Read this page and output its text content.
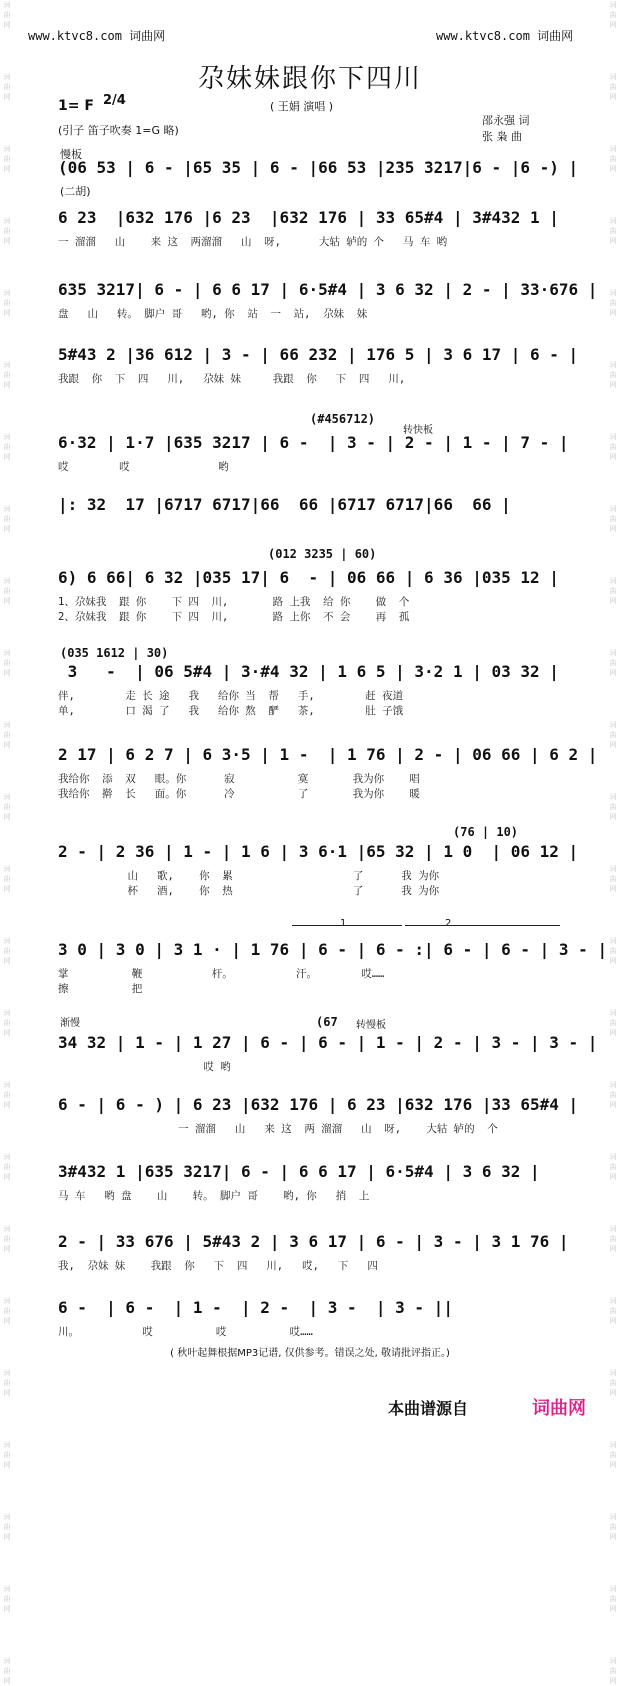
词曲网
词曲网
词曲网
词曲网
词曲网
词曲网
词曲网
词曲网
词曲网
词曲网
词曲网
词曲网
词曲网
词曲网
词曲网
词曲网
词曲网
词曲网
词曲网
词曲网
词曲网
词曲网
词曲网
词曲网
词曲网
词曲网
词曲网
词曲网
词曲网
词曲网
词曲网
词曲网
词曲网
词曲网
词曲网
词曲网
词曲网
词曲网
词曲网
词曲网
词曲网
词曲网
词曲网
词曲网
词曲网
词曲网
词曲网
词曲网
www.ktvc8.com 词曲网	www.ktvc8.com 词曲网
尕妹妹跟你下四川
1= F 2/4	( 王娟 演唱 )
(引子 笛子吹奏 1=G 略)
邵永强 词
张 枭 曲
慢板
(二胡)
(06 53 | 6 - |65 35 | 6 - |66 53 |235 3217|6 - |6 -) |
6 23  |632 176 |6 23  |632 176 | 33 65#4 | 3#432 1 |
一 溜溜   山    来 这  两溜溜   山  呀,      大轱 轳的 个   马 车 哟
635 3217| 6 - | 6 6 17 | 6·5#4 | 3 6 32 | 2 - | 33·676 |
盘   山   转。 脚户 哥   哟, 你  站  一  站,  尕妹  妹
5#43 2 |36 612 | 3 - | 66 232 | 176 5 | 3 6 17 | 6 - |
我跟  你  下  四   川,   尕妹 妹     我跟  你   下  四   川,
6·32 | 1·7 |635 3217 | 6 -  | 3 - | 2 - | 1 - | 7 - |
哎        哎              哟
|: 32  17 |6717 6717|66  66 |6717 6717|66  66 |
6) 6 66| 6 32 |035 17| 6  - | 06 66 | 6 36 |035 12 |
1、尕妹我  跟 你    下 四  川,       路 上我  给 你    做  个
2、尕妹我  跟 你    下 四  川,       路 上你  不 会    再  孤
3   -  | 06 5#4 | 3·#4 32 | 1 6 5 | 3·2 1 | 03 32 |
伴,        走 长 途   我   给你 当  帮   手,        赶 夜道
单,        口 渴 了   我   给你 熬  酽   茶,        肚 子饿
2 17 | 6 2 7 | 6 3·5 | 1 -  | 1 76 | 2 - | 06 66 | 6 2 |
我给你  添  双   眼。你      寂          寞       我为你    唱
我给你  擀  长   面。你      冷          了       我为你    暖
2 - | 2 36 | 1 - | 1 6 | 3 6·1 |65 32 | 1 0  | 06 12 |
山   歌,    你  累                   了      我 为你
杯   酒,    你  热                   了      我 为你
3 0 | 3 0 | 3 1 · | 1 76 | 6 - | 6 - :| 6 - | 6 - | 3 - |
掌          鞭           杆。          汗。       哎……
擦          把
34 32 | 1 - | 1 27 | 6 - | 6 - | 1 - | 2 - | 3 - | 3 - |
哎 哟
6 - | 6 - ) | 6 23 |632 176 | 6 23 |632 176 |33 65#4 |
一 溜溜   山   来 这  两 溜溜   山  呀,    大轱 轳的  个
3#432 1 |635 3217| 6 - | 6 6 17 | 6·5#4 | 3 6 32 |
马 车   哟 盘    山    转。 脚户 哥    哟, 你   捎  上
2 - | 33 676 | 5#43 2 | 3 6 17 | 6 - | 3 - | 3 1 76 |
我,  尕妹 妹    我跟  你   下  四   川,   哎,   下   四
6 -  | 6 -  | 1 -  | 2 -  | 3 -  | 3 - ||
川。          哎          哎          哎……
(#456712)
转快板
(012 3235 | 60)
(035 1612 | 30)
(76 | 10)
(67
渐慢	转慢板
1	2
( 秋叶起舞根据MP3记谱, 仅供参考。错误之处, 敬请批评指正。)
本曲谱源自	词曲网
